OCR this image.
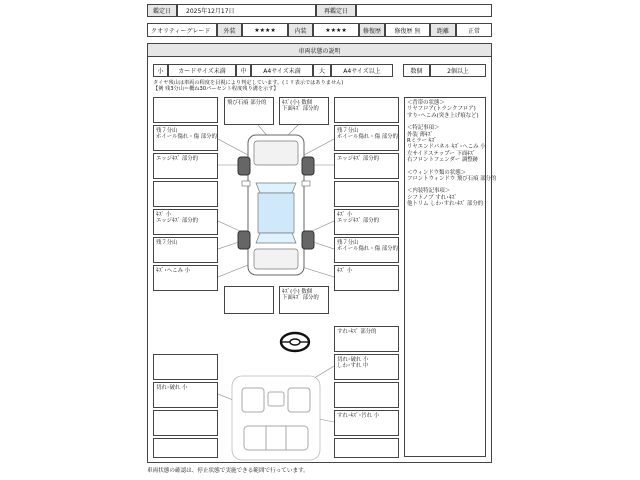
鑑定日	2025年12月17日	再鑑定日
クオリティーグレード	外装	★★★★	内装	★★★★	修復歴	修復歴 無	距離	正常
車両状態の説明
小	カードサイズ未満	中	A4サイズ未満	大	A4サイズ以上	数個	2個以上
タイヤ残山は車両の程度を目視により判定しています。(ミリ表示ではありません)
【例 残3分山＝概ね30パーセント程度残り溝を示す】
残７分山
ホイール傷れ・傷 部分的
エッジｷｽﾞ 部分的
ｷｽﾞ 小
エッジｷｽﾞ 部分的
残７分山
ｷｽﾞ･へこみ 小
残７分山
ホイール傷れ・傷 部分的
エッジｷｽﾞ 部分的
ｷｽﾞ 小
エッジｷｽﾞ 部分的
残７分山
ホイール傷れ・傷 部分的
ｷｽﾞ 小
飛び石痕 部分的	ｷｽﾞ(小) 数個
下面ｷｽﾞ 部分的
ｷｽﾞ(小) 数個
下面ｷｽﾞ 部分的
＜背帯の状態＞
リヤフロア(トランクフロア)
すり･へこみ(突き上げ痕など)
＜特記事項＞
外装 薄ｷｽﾞ
Rミラー ｷｽﾞ
リヤエンドパネル ｷｽﾞ･へこみ 小
左サイドステップー 下面ｷｽﾞ
右フロントフェンダー 調整跡
＜ウィンドウ類の状態＞
フロントウィンドウ 飛び石痕 部分的
＜内装特記事項＞
シフトノブ すれ･ｷｽﾞ
他トリム しわ･すれ･ｷｽﾞ 部分的
すれ･ｷｽﾞ 部分的
切れ･破れ 小
しわ･すれ 中
すれ･ｷｽﾞ･汚れ 小
切れ･破れ 小
車両状態の確認は、停止状態で実施できる範囲で行っています。
